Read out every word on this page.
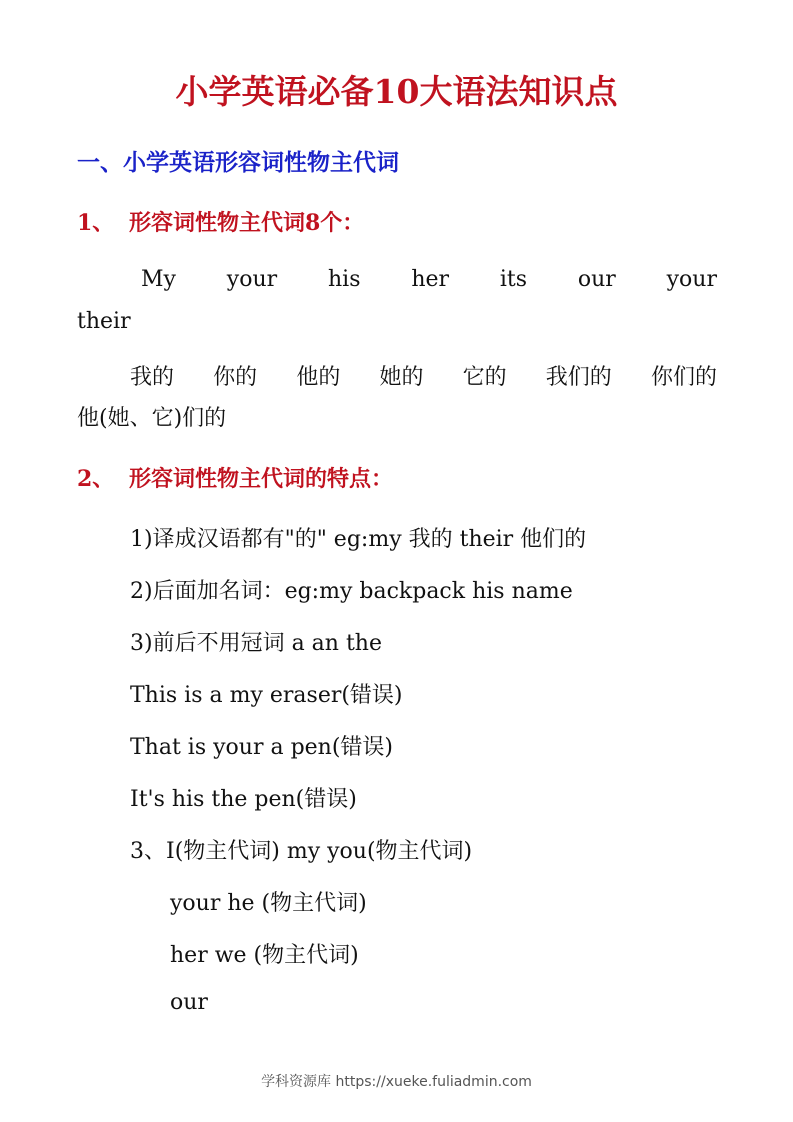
小学英语必备10大语法知识点
一、小学英语形容词性物主代词
1、 形容词性物主代词8个：
My your his her its our your
their
我的 你的 他的 她的 它的 我们的 你们的
他(她、它)们的
2、 形容词性物主代词的特点：
1)译成汉语都有"的" eg:my 我的 their 他们的
2)后面加名词：eg:my backpack his name
3)前后不用冠词 a an the
This is a my eraser(错误)
That is your a pen(错误)
It's his the pen(错误)
3、I(物主代词) my you(物主代词)
your he (物主代词)
her we (物主代词)
our
学科资源库 https://xueke.fuliadmin.com
